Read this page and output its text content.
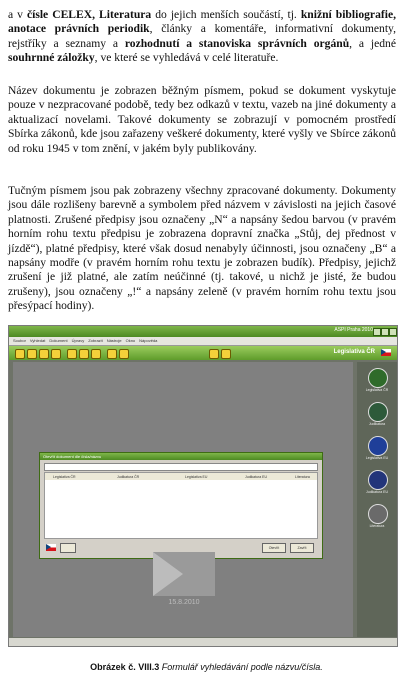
a v čísle CELEX, Literatura do jejich menších součástí, tj. knižní bibliografie, anotace právních periodik, články a komentáře, informativní dokumenty, rejstříky a seznamy a rozhodnutí a stanoviska správních orgánů, a jedné souhrnné záložky, ve které se vyhledává v celé literatuře.

Název dokumentu je zobrazen běžným písmem, pokud se dokument vyskytuje pouze v nezpracované podobě, tedy bez odkazů v textu, vazeb na jiné dokumenty a aktualizací novelami. Takové dokumenty se zobrazují v pomocném prostředí Sbírka zákonů, kde jsou zařazeny veškeré dokumenty, které vyšly ve Sbírce zákonů od roku 1945 v tom znění, v jakém byly publikovány.

Tučným písmem jsou pak zobrazeny všechny zpracované dokumenty. Dokumenty jsou dále rozlišeny barevně a symbolem před názvem v závislosti na jejich časové platnosti. Zrušené předpisy jsou označeny „N“ a napsány šedou barvou (v pravém horním rohu textu předpisu je zobrazena dopravní značka „Stůj, dej přednost v jízdě“), platné předpisy, které však dosud nenabyly účinnosti, jsou označeny „B“ a napsány modře (v pravém horním rohu textu je zobrazen budík). Předpisy, jejichž zrušení je již platné, ale zatím neúčinné (tj. takové, u nichž je jisté, že budou zrušeny), jsou označeny „!“ a napsány zeleně (v pravém horním rohu textu jsou přesýpací hodiny).

ASPI Praha 2010
Soubor Vyhledat Dokument Úpravy Zobrazit Nástroje Okno Nápověda
Legislativa ČR
Otevřít dokument dle čísla/názvu
Legislativa ČR	Judikatura ČR	Legislativa EU	Judikatura EU	Literatura
Otevřít	Zavřít
15.8.2010
Legislativa ČR
Judikatura
Legislativa EU
Judikatura EU
Literatura
Obrázek č. VIII.3 Formulář vyhledávání podle názvu/čísla.
